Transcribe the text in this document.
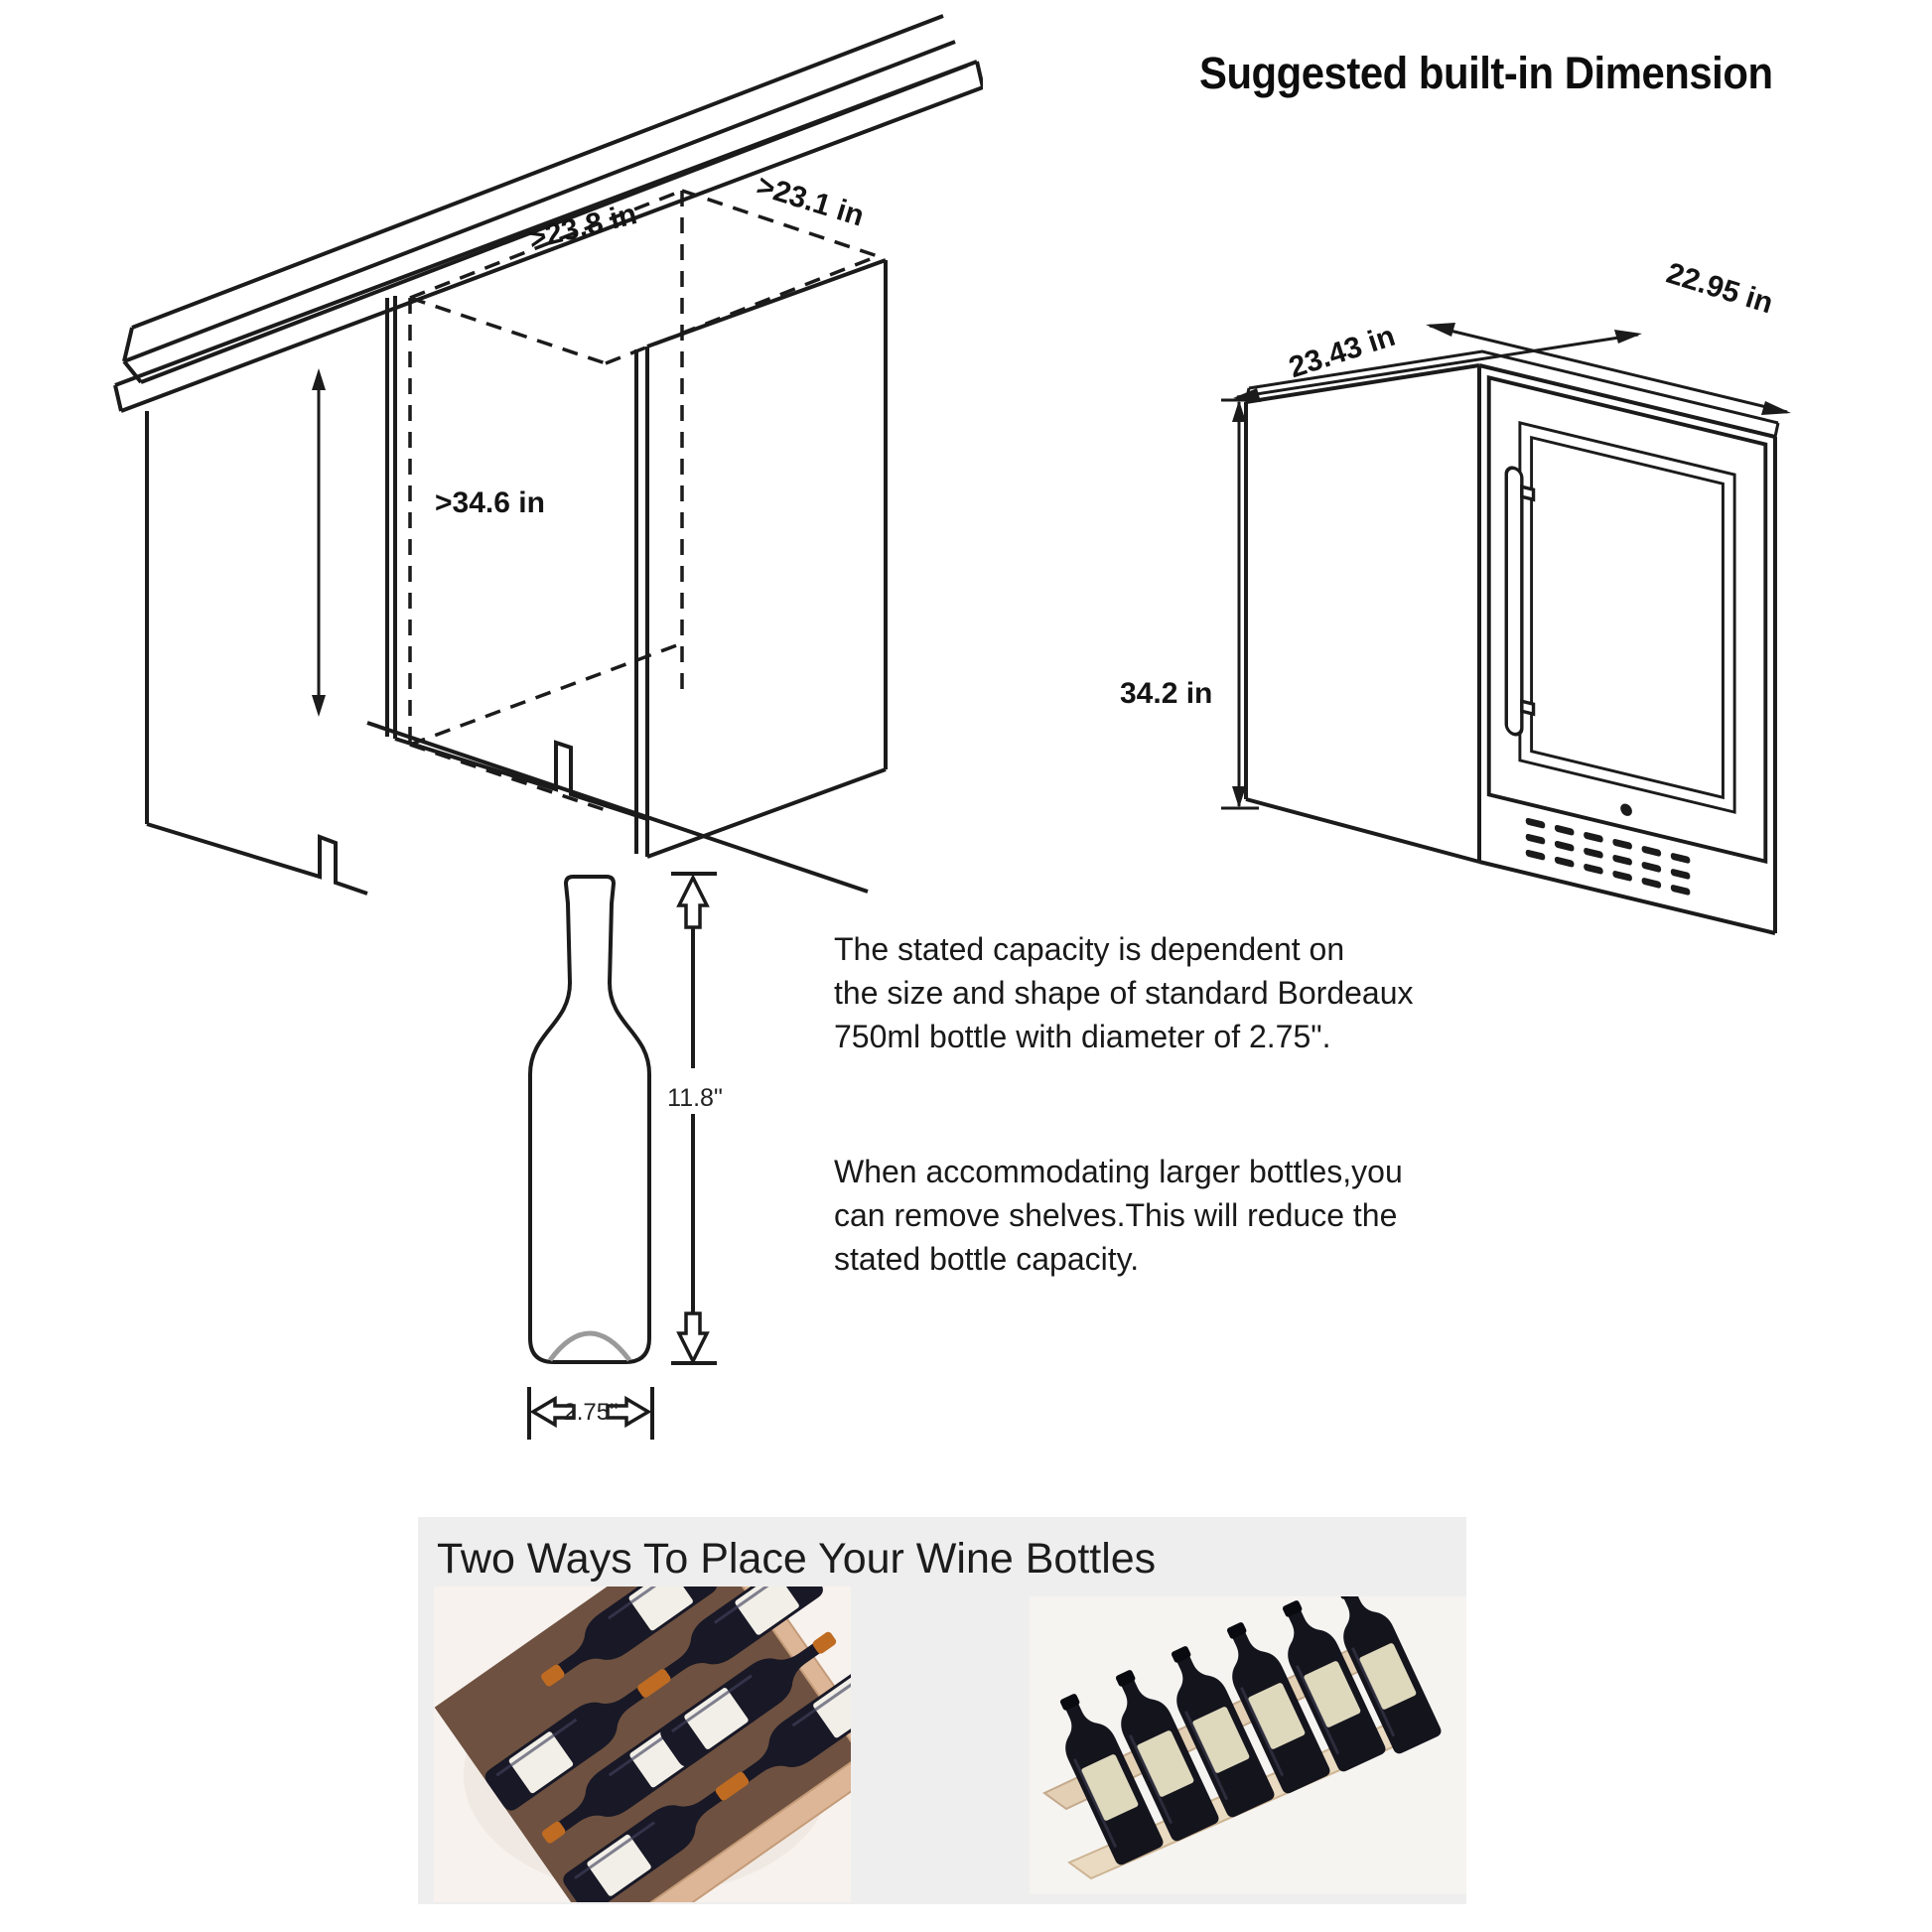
Suggested built-in Dimension
>23.8 in	>23.1 in
>34.6 in
23.43 in
22.95 in
34.2 in
11.8"
2.75"
The stated capacity is dependent on
the size and shape of standard Bordeaux
750ml bottle with diameter of 2.75".
When accommodating larger bottles,you
can remove shelves.This will reduce the
stated bottle capacity.
Two Ways To Place Your Wine Bottles
